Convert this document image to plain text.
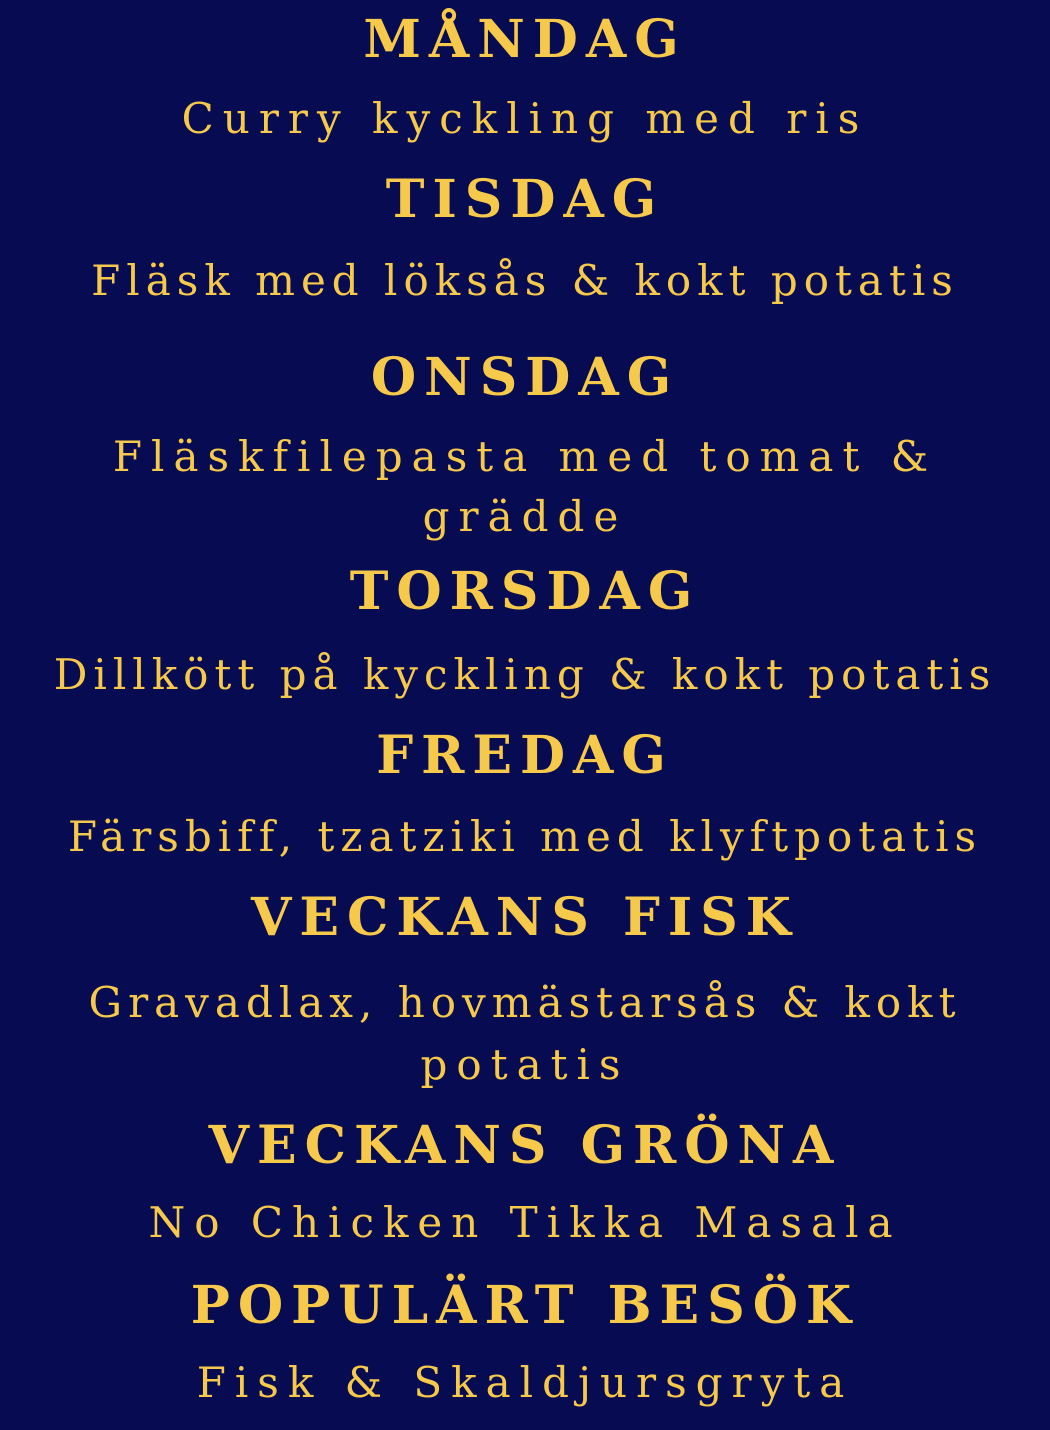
MÅNDAG
Curry kyckling med ris
TISDAG
Fläsk med löksås & kokt potatis
ONSDAG
Fläskfilepasta med tomat &
grädde
TORSDAG
Dillkött på kyckling & kokt potatis
FREDAG
Färsbiff, tzatziki med klyftpotatis
VECKANS FISK
Gravadlax, hovmästarsås & kokt
potatis
VECKANS GRÖNA
No Chicken Tikka Masala
POPULÄRT BESÖK
Fisk & Skaldjursgryta
